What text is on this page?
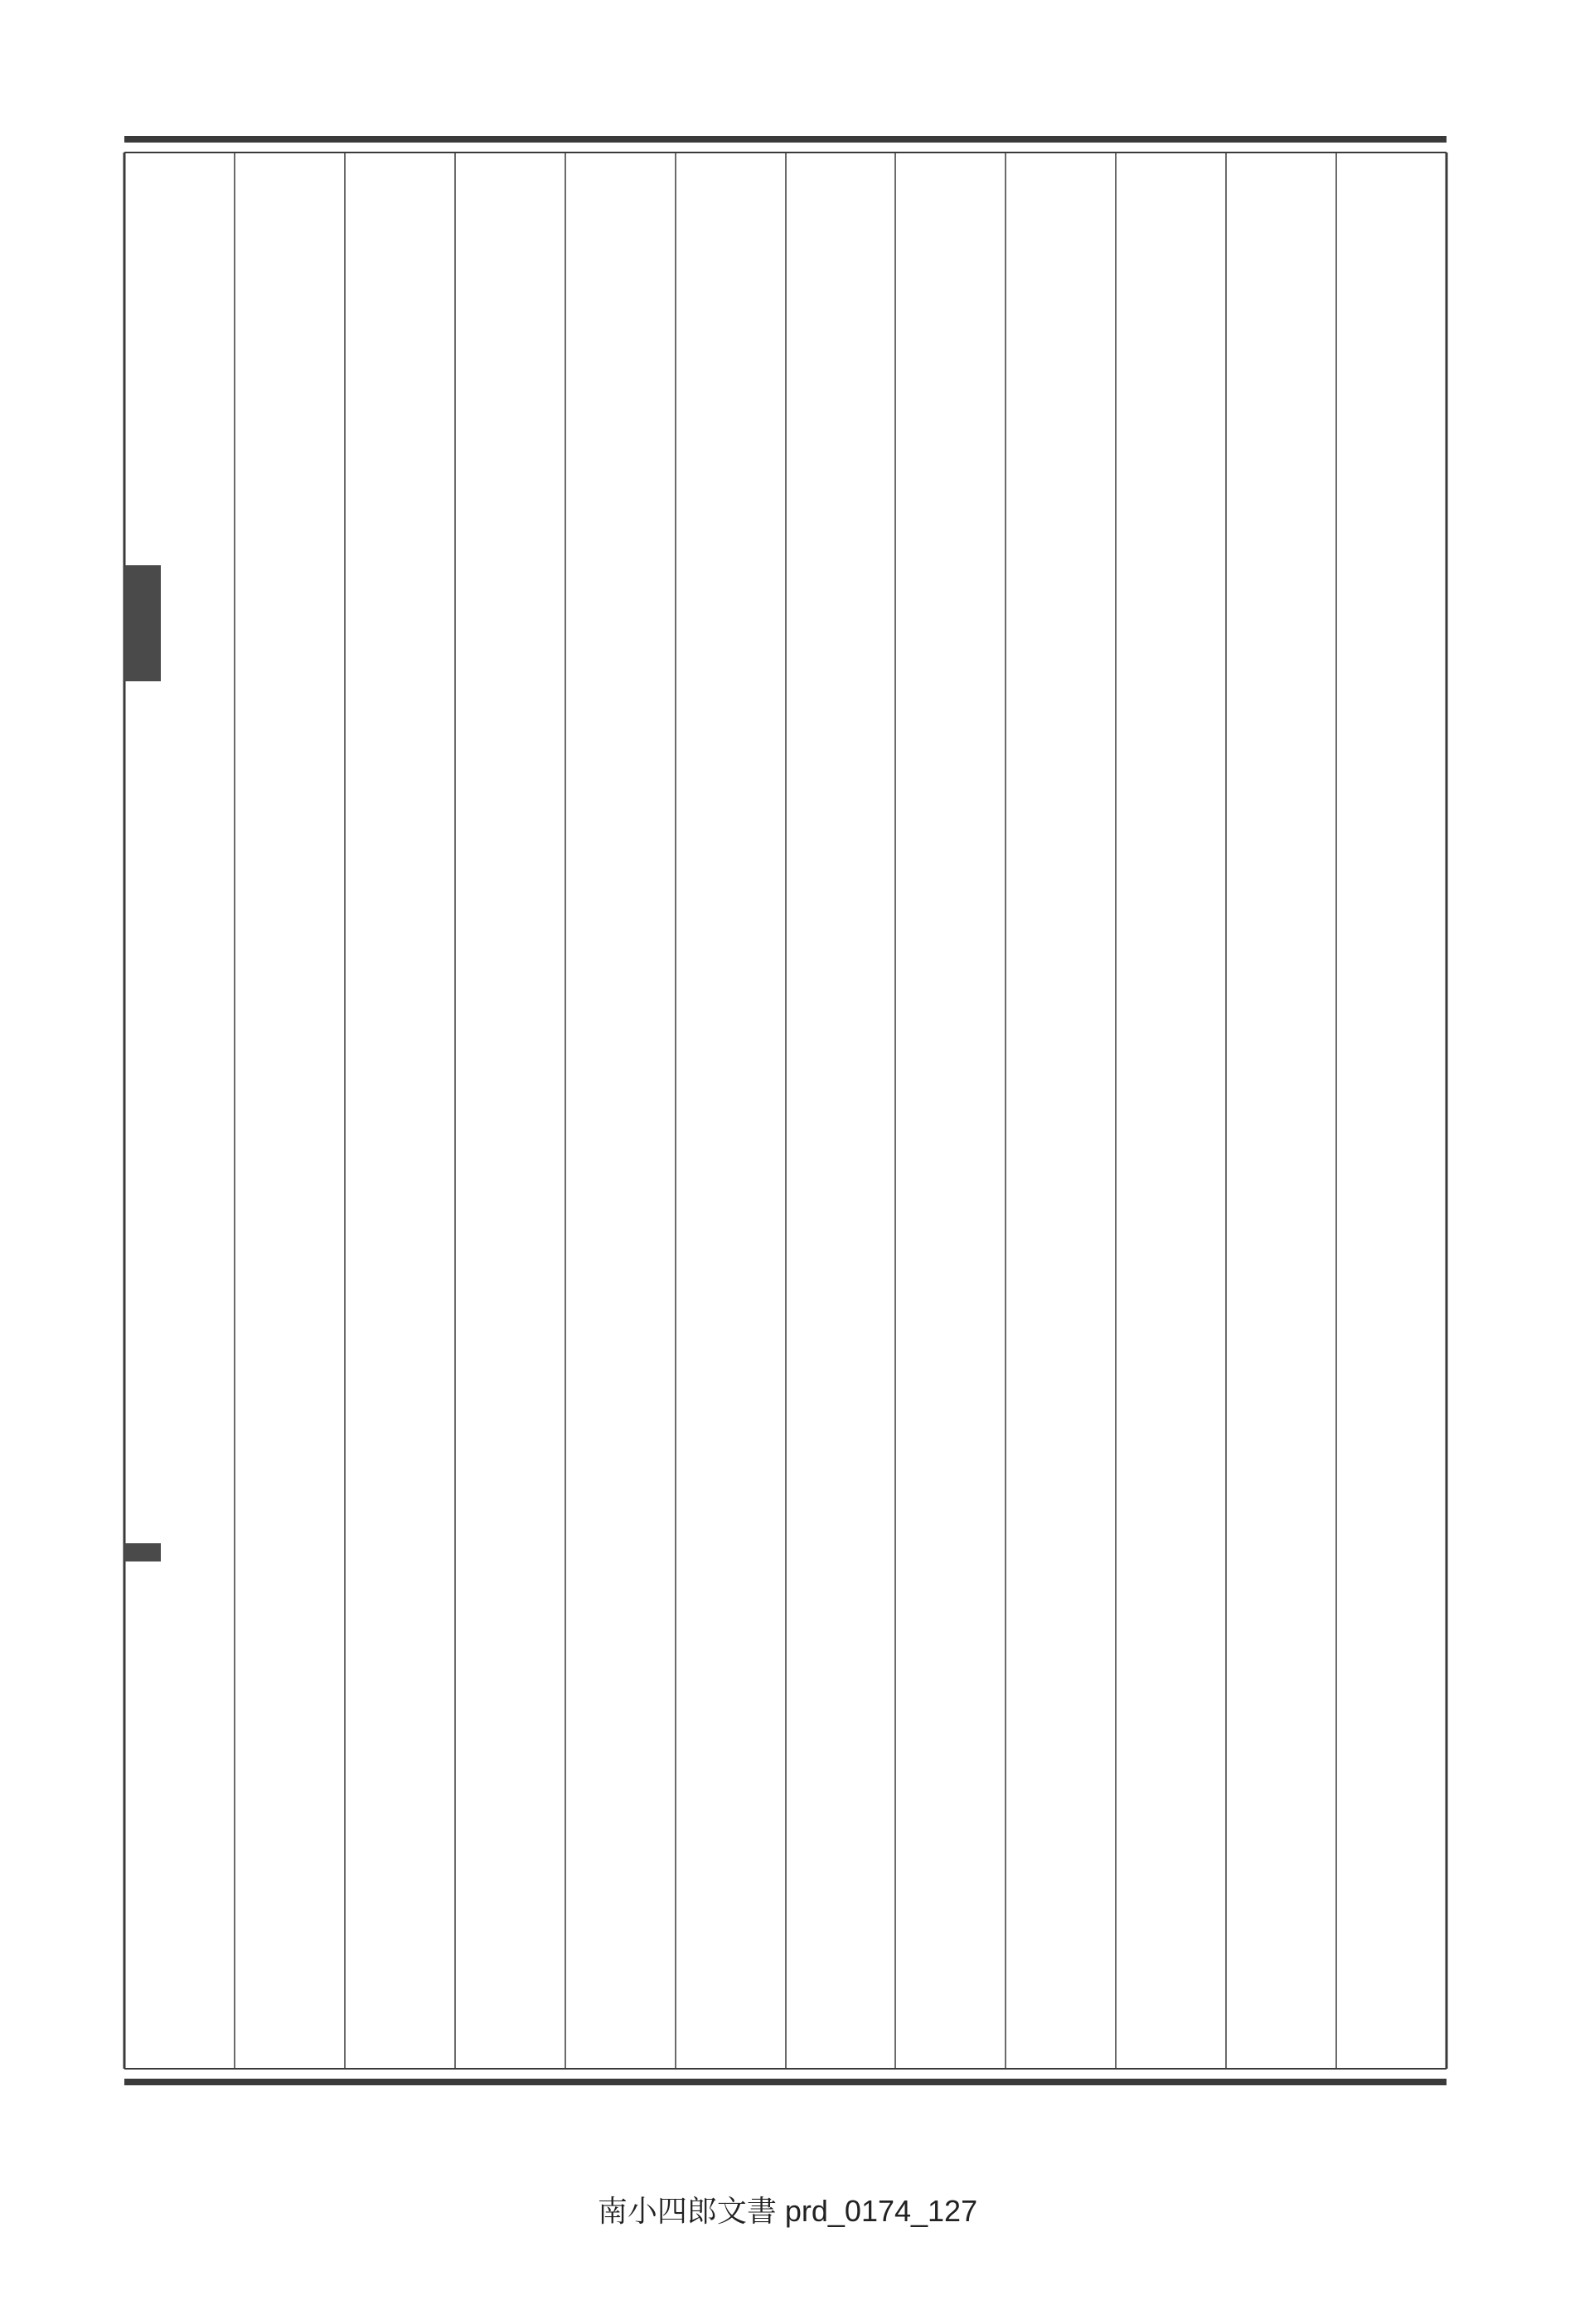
南小四郎文書 prd_0174_127
